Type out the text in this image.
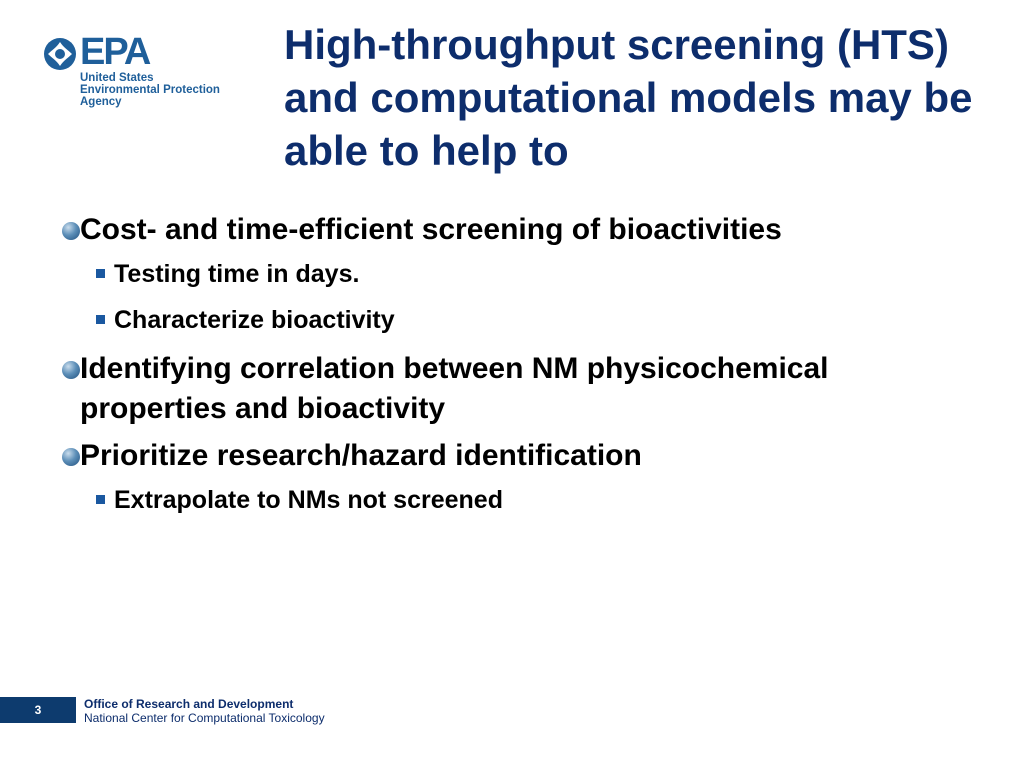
EPA
United States
Environmental Protection
Agency
High-throughput screening (HTS) and computational models may be able to help to
Cost- and time-efficient screening of bioactivities
Testing time in days.
Characterize bioactivity
Identifying correlation between NM physicochemical
properties and bioactivity
Prioritize research/hazard identification
Extrapolate to NMs not screened
3	Office of Research and Development
National Center for Computational Toxicology
